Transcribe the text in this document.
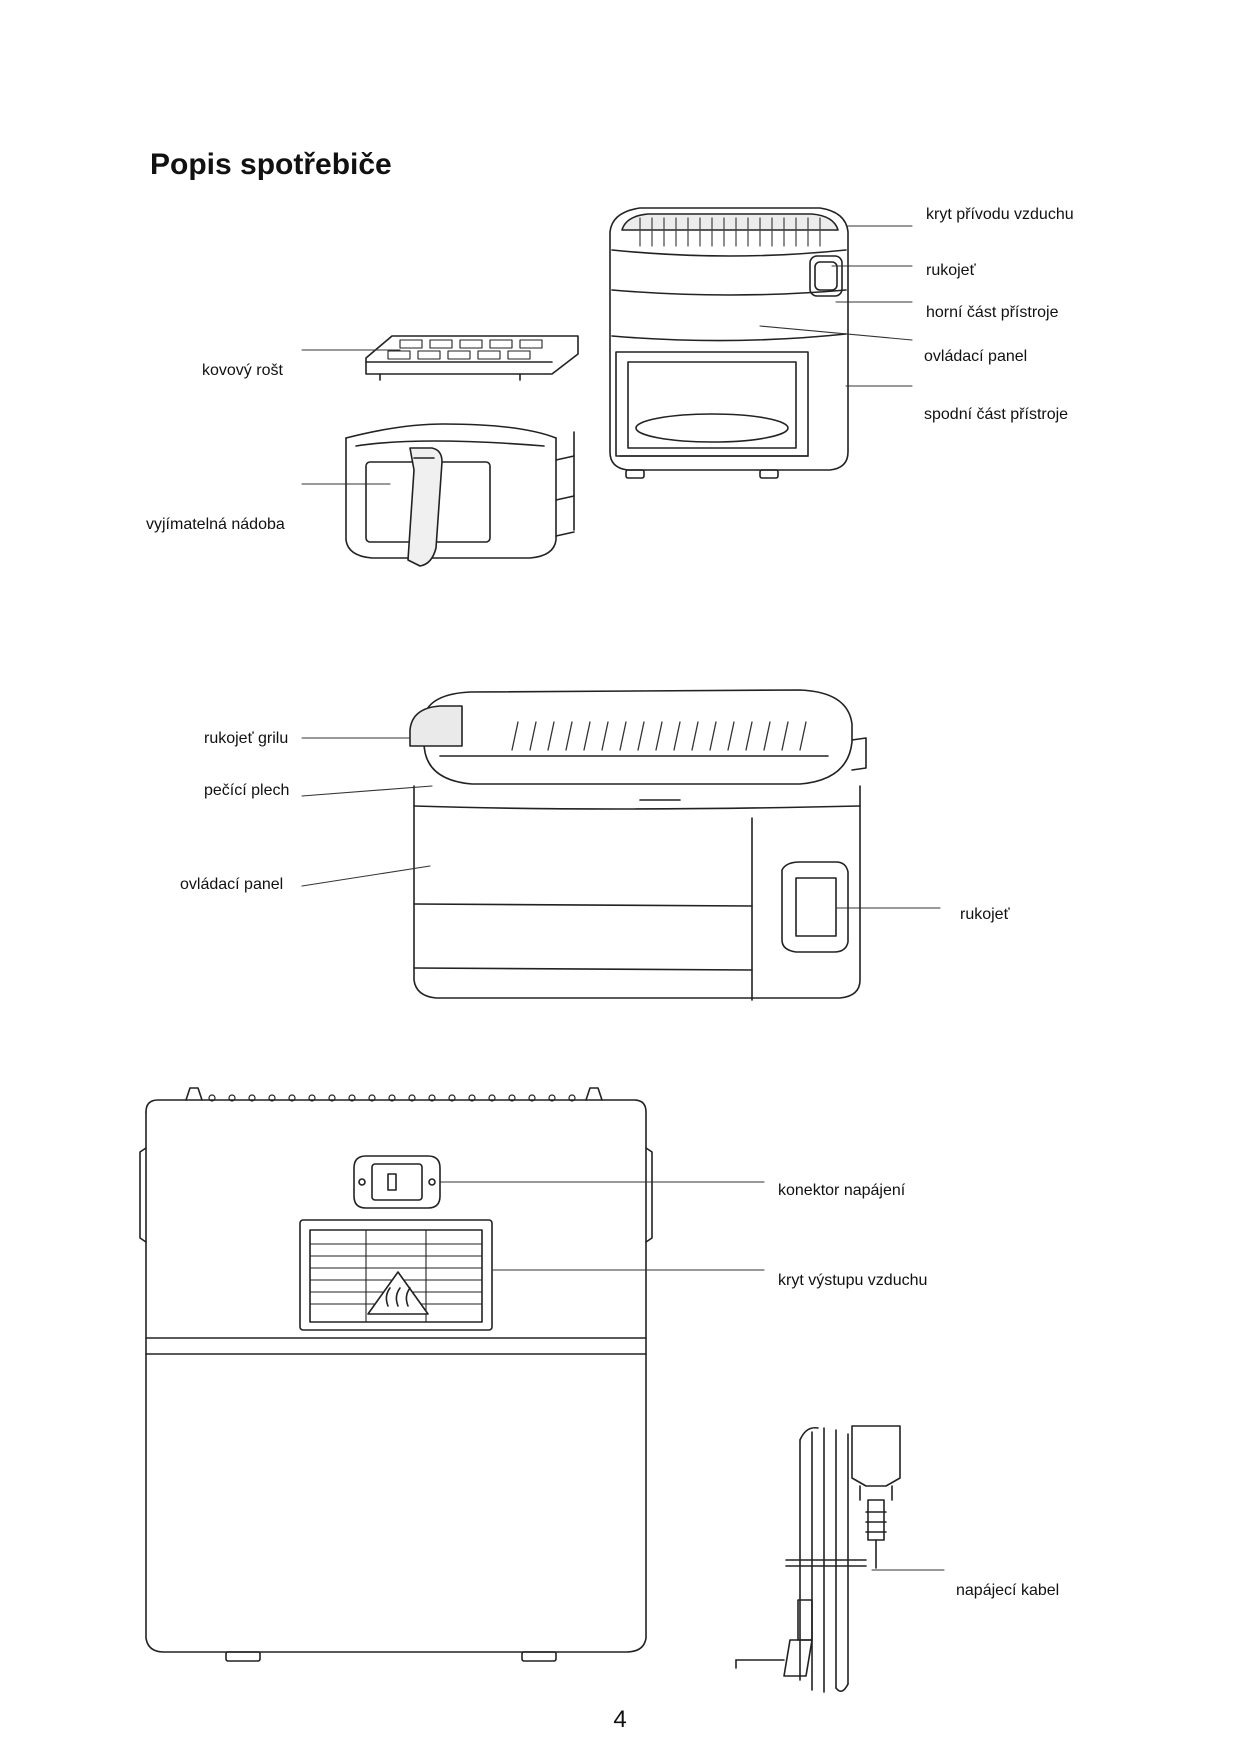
Popis spotřebiče
kryt přívodu vzduchu
rukojeť
horní část přístroje
ovládací panel
spodní část přístroje
kovový rošt
vyjímatelná nádoba
rukojeť grilu
pečící plech
ovládací panel
rukojeť
konektor napájení
kryt výstupu vzduchu
napájecí kabel
4
